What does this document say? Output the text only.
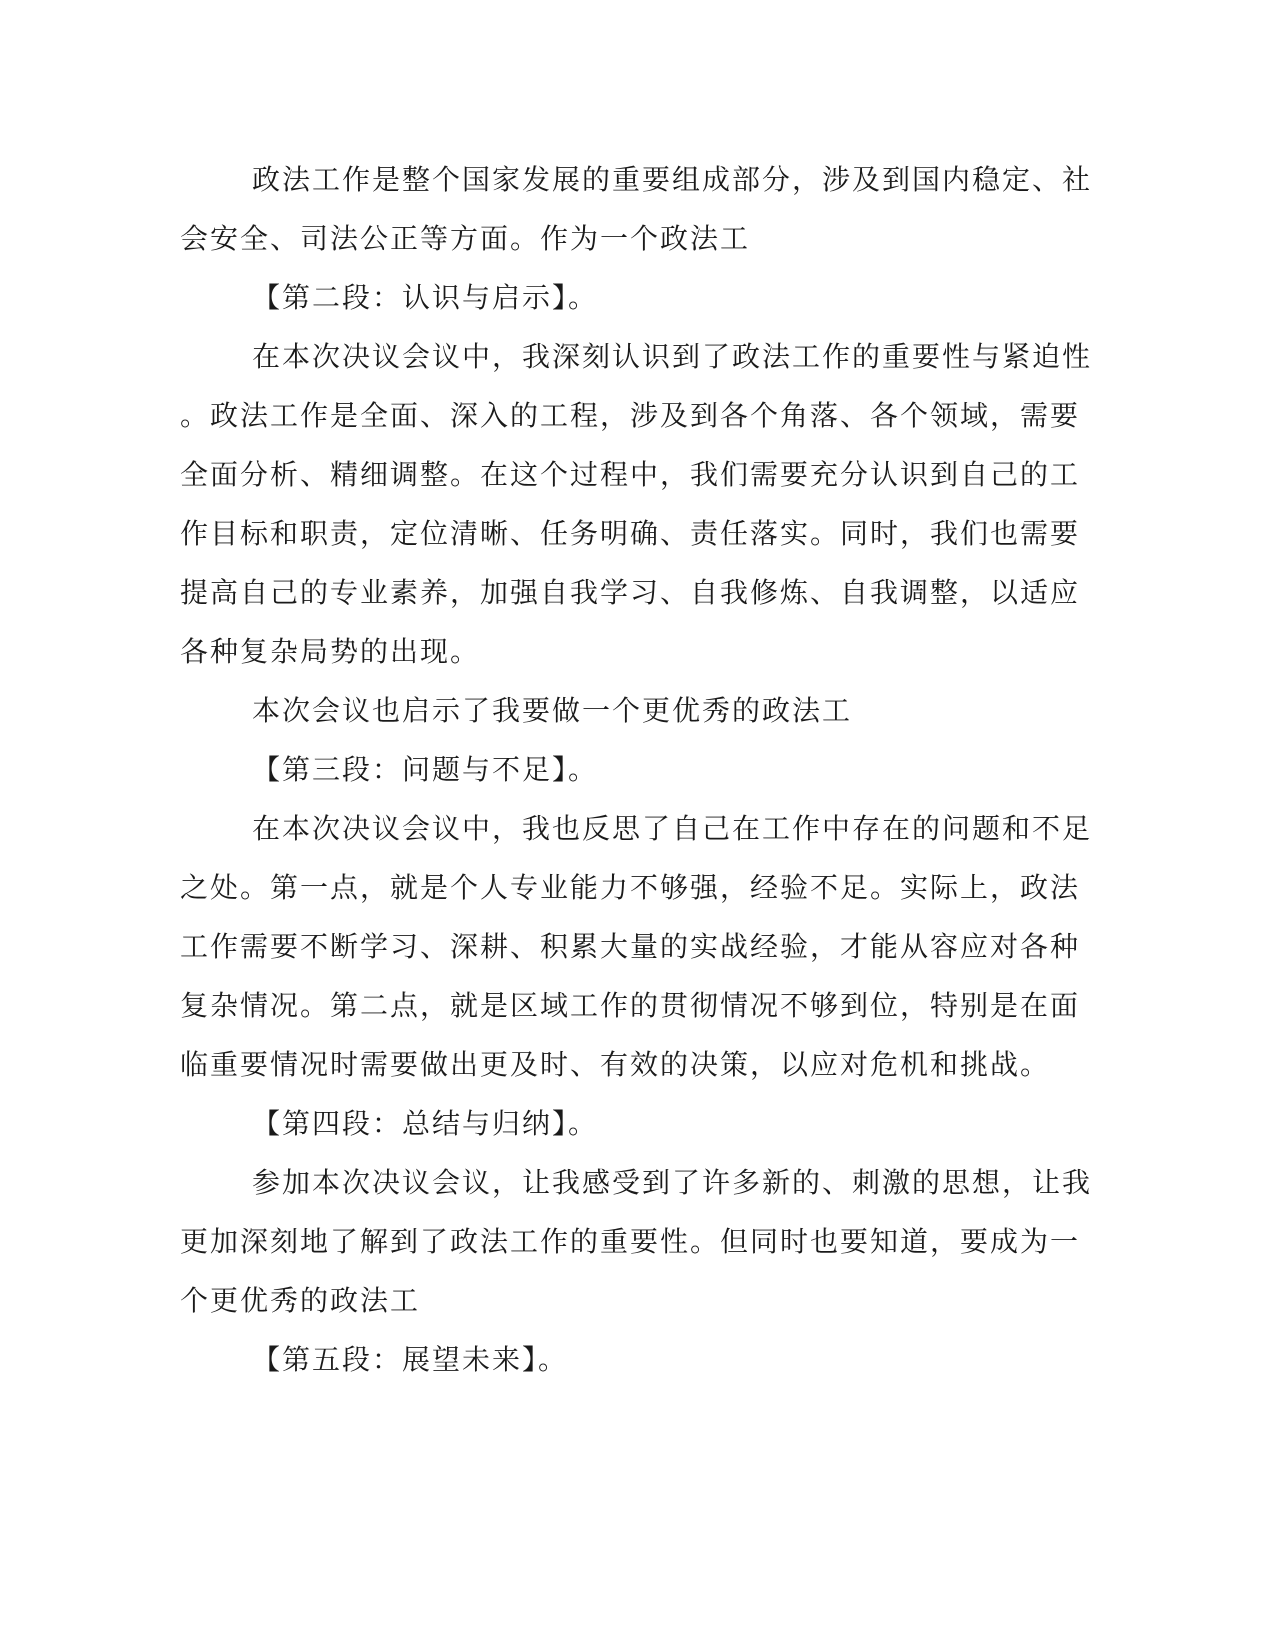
政法工作是整个国家发展的重要组成部分，涉及到国内稳定、社
会安全、司法公正等方面。作为一个政法工
【第二段：认识与启示】。
在本次决议会议中，我深刻认识到了政法工作的重要性与紧迫性
。政法工作是全面、深入的工程，涉及到各个角落、各个领域，需要
全面分析、精细调整。在这个过程中，我们需要充分认识到自己的工
作目标和职责，定位清晰、任务明确、责任落实。同时，我们也需要
提高自己的专业素养，加强自我学习、自我修炼、自我调整，以适应
各种复杂局势的出现。
本次会议也启示了我要做一个更优秀的政法工
【第三段：问题与不足】。
在本次决议会议中，我也反思了自己在工作中存在的问题和不足
之处。第一点，就是个人专业能力不够强，经验不足。实际上，政法
工作需要不断学习、深耕、积累大量的实战经验，才能从容应对各种
复杂情况。第二点，就是区域工作的贯彻情况不够到位，特别是在面
临重要情况时需要做出更及时、有效的决策，以应对危机和挑战。
【第四段：总结与归纳】。
参加本次决议会议，让我感受到了许多新的、刺激的思想，让我
更加深刻地了解到了政法工作的重要性。但同时也要知道，要成为一
个更优秀的政法工
【第五段：展望未来】。
